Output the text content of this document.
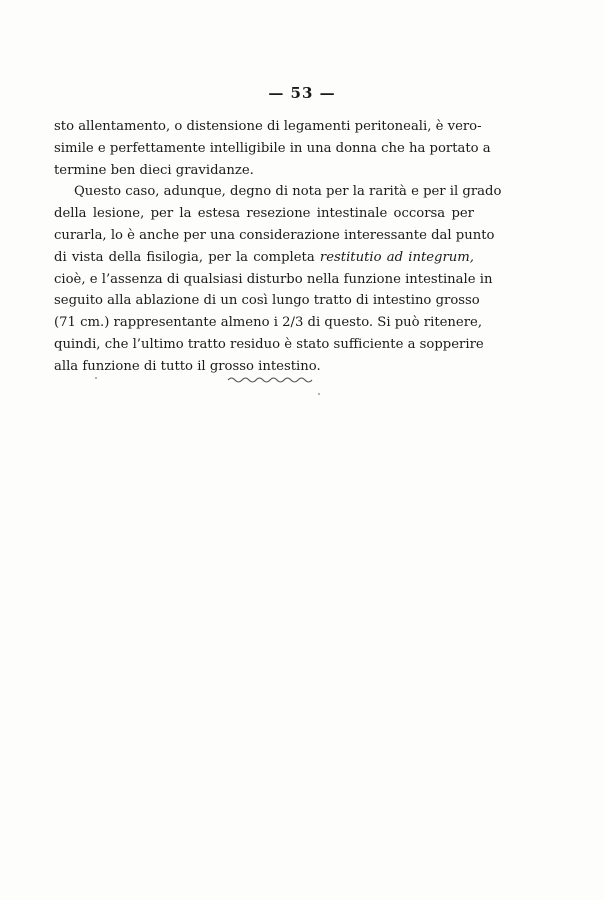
— 53 —
sto allentamento, o distensione di legamenti peritoneali, è vero-
simile e perfettamente intelligibile in una donna che ha portato a
termine ben dieci gravidanze.
Questo caso, adunque, degno di nota per la rarità e per il grado
della lesione, per la estesa resezione intestinale occorsa per
curarla, lo è anche per una considerazione interessante dal punto
di vista della fisilogia, per la completa restitutio ad integrum,
cioè, e l’assenza di qualsiasi disturbo nella funzione intestinale in
seguito alla ablazione di un così lungo tratto di intestino grosso
(71 cm.) rappresentante almeno i 2/3 di questo. Si può ritenere,
quindi, che l’ultimo tratto residuo è stato sufficiente a sopperire
alla funzione di tutto il grosso intestino.
~~~~~~~~~~~
